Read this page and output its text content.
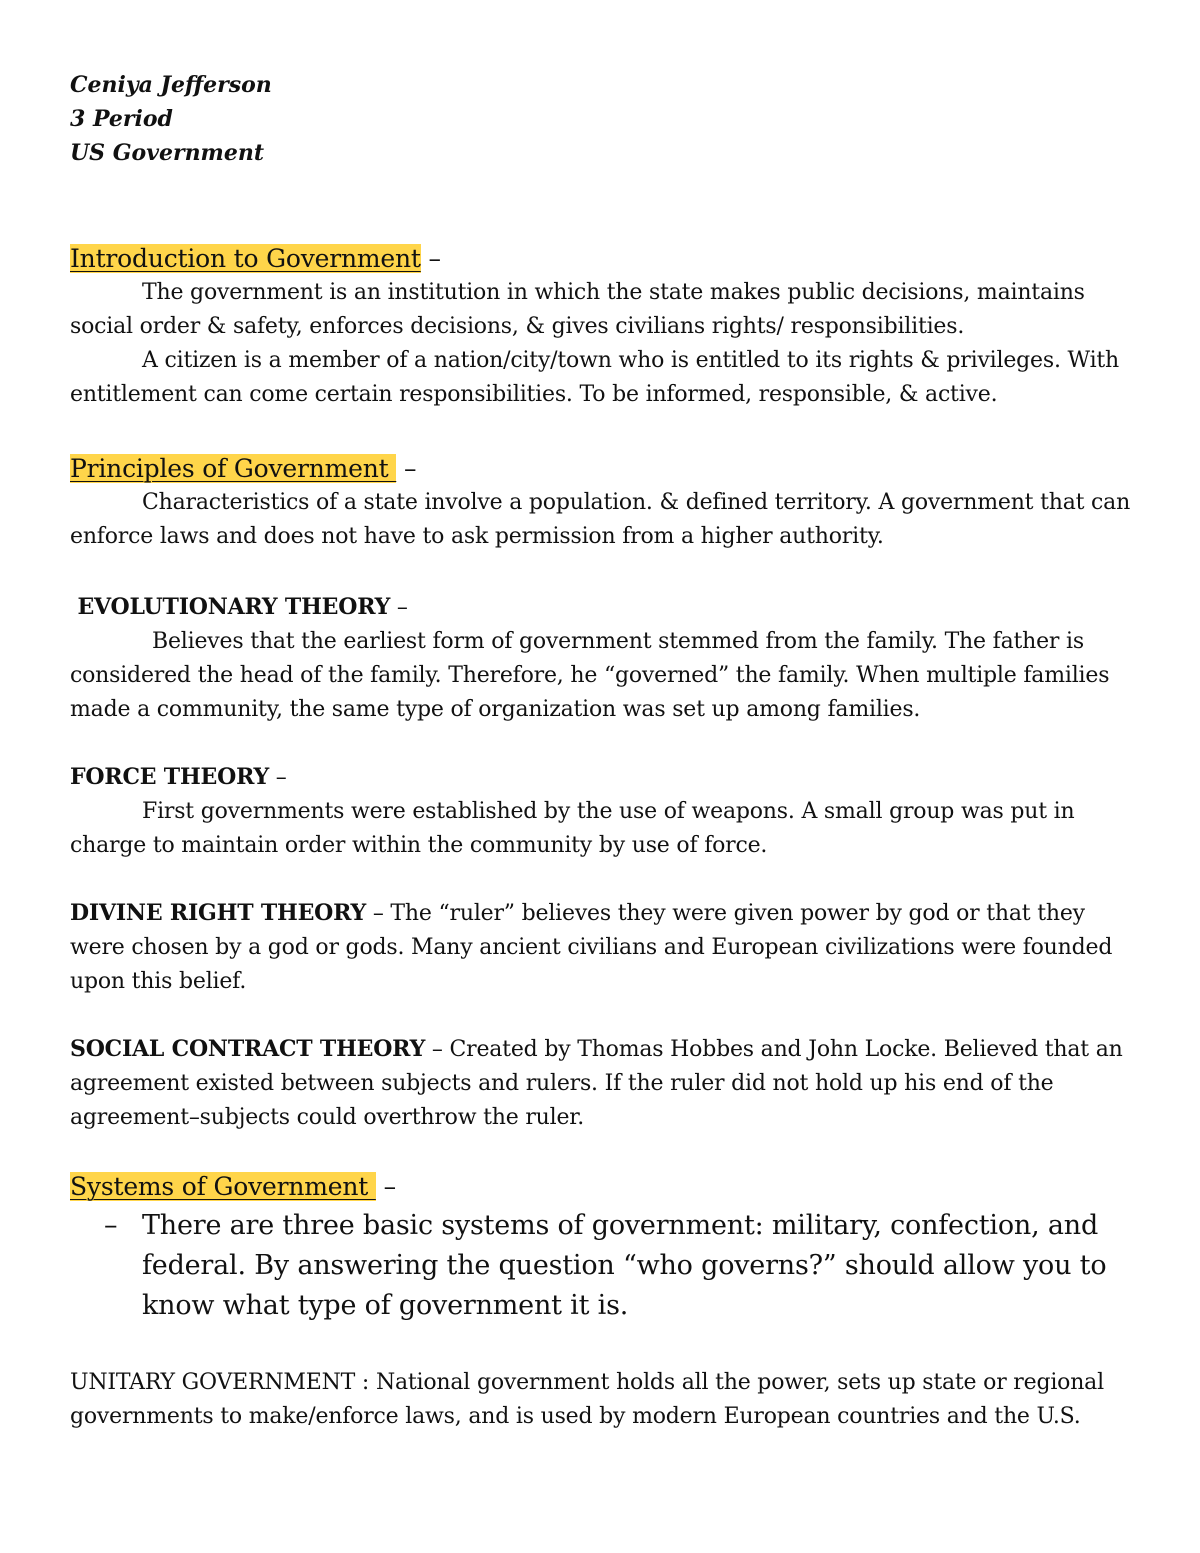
Ceniya Jefferson
3 Period
US Government
Introduction to Government –

The government is an institution in which the state makes public decisions, maintains social order & safety, enforces decisions, & gives civilians rights/ responsibilities.

A citizen is a member of a nation/city/town who is entitled to its rights & privileges. With entitlement can come certain responsibilities. To be informed, responsible, & active.

Principles of Government  –

Characteristics of a state involve a population. & defined territory. A government that can enforce laws and does not have to ask permission from a higher authority.

EVOLUTIONARY THEORY –

Believes that the earliest form of government stemmed from the family. The father is considered the head of the family. Therefore, he “governed” the family. When multiple families made a community, the same type of organization was set up among families.

FORCE THEORY –

First governments were established by the use of weapons. A small group was put in charge to maintain order within the community by use of force.

DIVINE RIGHT THEORY – The “ruler” believes they were given power by god or that they were chosen by a god or gods. Many ancient civilians and European civilizations were founded upon this belief.

SOCIAL CONTRACT THEORY – Created by Thomas Hobbes and John Locke. Believed that an agreement existed between subjects and rulers. If the ruler did not hold up his end of the agreement–subjects could overthrow the ruler.

Systems of Government  –
– There are three basic systems of government: military, confection, and federal. By answering the question “who governs?” should allow you to know what type of government it is.

UNITARY GOVERNMENT : National government holds all the power, sets up state or regional governments to make/enforce laws, and is used by modern European countries and the U.S.
